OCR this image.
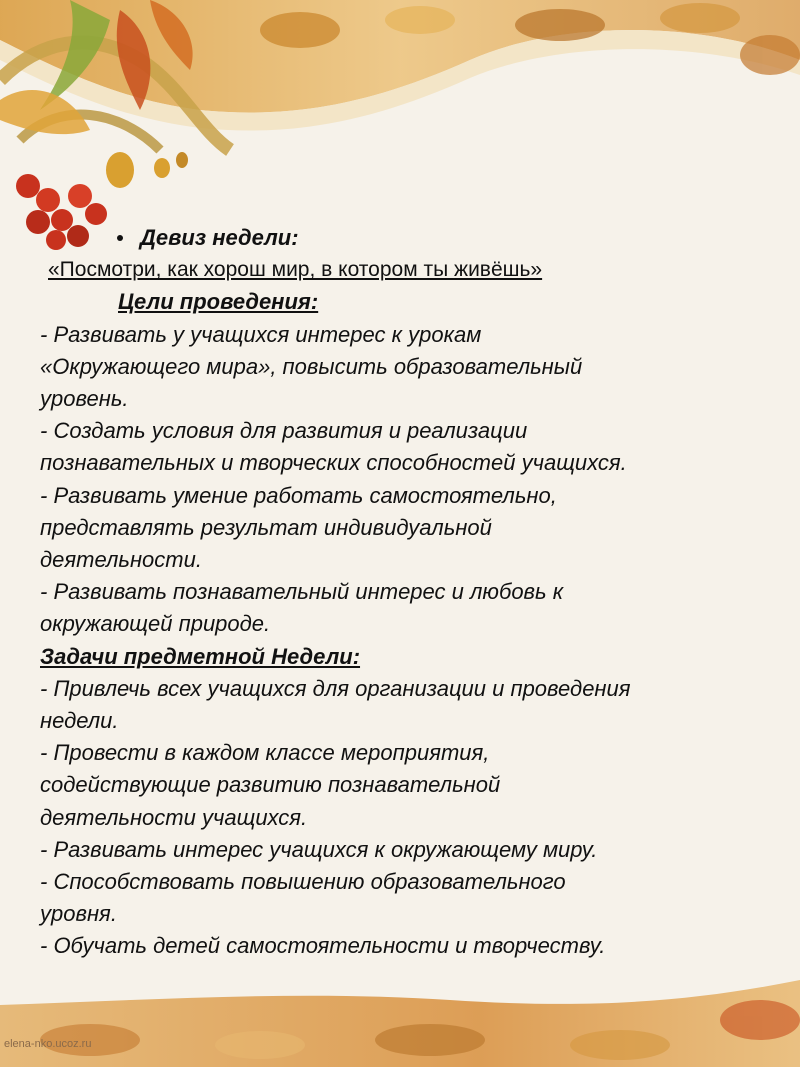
Девиз недели:
«Посмотри, как хорош мир, в котором ты живёшь»
Цели проведения:
- Развивать у учащихся интерес к урокам
«Окружающего мира», повысить образовательный
уровень.
- Создать условия для развития и реализации
познавательных и творческих способностей учащихся.
- Развивать умение работать самостоятельно,
представлять результат индивидуальной
деятельности.
- Развивать познавательный интерес и любовь к
окружающей природе.
Задачи предметной Недели:
- Привлечь всех учащихся для организации и проведения
недели.
- Провести в каждом классе мероприятия,
содействующие развитию познавательной
деятельности учащихся.
- Развивать интерес учащихся к окружающему миру.
- Способствовать повышению образовательного
уровня.
- Обучать детей самостоятельности и творчеству.
elena-nko.ucoz.ru
